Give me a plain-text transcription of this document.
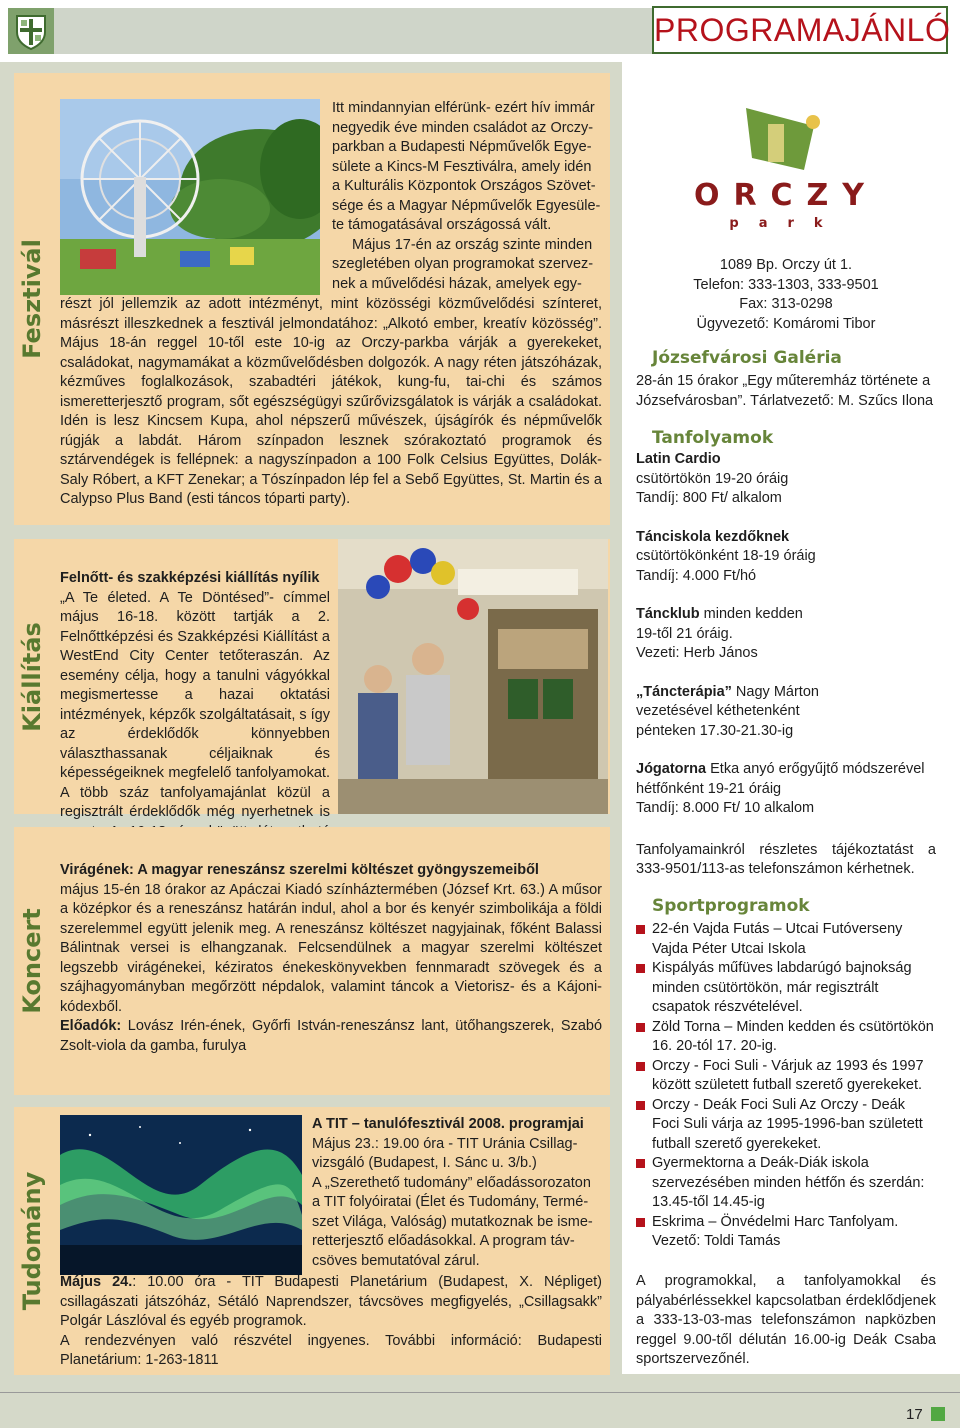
PROGRAMAJÁNLÓ
Fesztivál
Kiállítás
Koncert
Tudomány
Itt mindannyian elférünk- ezért hív immár
negyedik éve minden családot az Orczy-
parkban a Budapesti Népművelők Egye-
sülete a Kincs-M Fesztiválra, amely idén
a Kulturális Központok Országos Szövet-
sége és a Magyar Népművelők Egyesüle-
te támogatásával országossá vált.
Május 17-én az ország szinte minden
szegletében olyan programokat szervez-
nek a művelődési házak, amelyek egy-
részt jól jellemzik az adott intézményt, mint közösségi közművelődési színteret, másrészt illeszkednek a fesztivál jelmondatához: „Alkotó ember, kreatív közösség”. Május 18-án reggel 10-től este 10-ig az Orczy-parkba várják a gyerekeket, családokat, nagymamákat a közművelődésben dolgozók. A nagy réten játszóházak, kézműves foglalkozások, szabadtéri játékok, kung-fu, tai-chi és számos ismeretterjesztő program, sőt egészségügyi szűrővizsgálatok is várják a családokat. Idén is lesz Kincsem Kupa, ahol népszerű művészek, újságírók és népművelők rúgják a labdát. Három színpadon lesznek szórakoztató programok és sztárvendégek is fellépnek: a nagyszínpadon a 100 Folk Celsius Együttes, Dolák-Saly Róbert, a KFT Zenekar; a Tószínpadon lép fel a Sebő Együttes, St. Martin és a Calypso Plus Band (esti táncos tóparti party).
Felnőtt- és szakképzési kiállítás nyílik
„A Te életed. A Te Döntésed”- címmel május 16-18. között tartják a 2. Felnőttképzési és Szakképzési Kiállítást a WestEnd City Center tetőteraszán. Az esemény célja, hogy a tanulni vágyókkal megismertesse a hazai oktatási intézmények, képzők szolgáltatásait, s így az érdeklődők könnyebben választhassanak céljaiknak és képességeiknek megfelelő tanfolyamokat. A több száz tanfolyamajánlat közül a regisztrált érdeklődők még nyerhetnek is
Virágének: A magyar reneszánsz szerelmi költészet gyöngyszemeiből
május 15-én 18 órakor az Apáczai Kiadó színháztermében (József Krt. 63.) A műsor a középkor és a reneszánsz határán indul, ahol a bor és kenyér szimbolikája a földi szerelemmel együtt jelenik meg. A reneszánsz költészet nagyjainak, főként Balassi Bálintnak versei is elhangzanak. Felcsendülnek a magyar szerelmi költészet legszebb virágénekei, kéziratos énekeskönyvekben fennmaradt szövegek és a szájhagyományban megőrzött népdalok, valamint táncok a Vietorisz- és a Kájoni-kódexből.
Előadók: Lovász Irén-ének, Győrfi István-reneszánsz lant, ütőhangszerek, Szabó Zsolt-viola da gamba, furulya
A TIT – tanulófesztivál 2008. programjai
Május 23.: 19.00 óra - TIT Uránia Csillag-
vizsgáló (Budapest, I. Sánc u. 3/b.)
A „Szerethető tudomány” előadássorozaton
a TIT folyóiratai (Élet és Tudomány, Termé-
szet Világa, Valóság) mutatkoznak be isme-
retterjesztő előadásokkal. A program táv-
csöves bemutatóval zárul.
Május 24.: 10.00 óra - TIT Budapesti Planetárium (Budapest, X. Népliget) csillagászati játszóház, Sétáló Naprendszer, távcsöves megfigyelés, „Csillagsakk” Polgár Lászlóval és egyéb programok.
A rendezvényen való részvétel ingyenes. További információ: Budapesti Planetárium: 1-263-1811
ORCZY
park
1089 Bp. Orczy út 1.
Telefon: 333-1303, 333-9501
Fax: 313-0298
Ügyvezető: Komáromi Tibor
Józsefvárosi Galéria
28-án 15 órakor „Egy műteremház története a Józsefvárosban”. Tárlatvezető: M. Szűcs Ilona
Tanfolyamok
Latin Cardio
csütörtökön 19-20 óráig
Tandíj: 800 Ft/ alkalom
Tánciskola kezdőknek
csütörtökönként 18-19 óráig
Tandíj: 4.000 Ft/hó
Tánckl​ub minden kedden
19-től 21 óráig.
Vezeti: Herb János
„Táncterápia” Nagy Márton
vezetésével kéthetenként
pénteken 17.30-21.30-ig
Jógatorna Etka anyó erőgyűjtő módszerével
hétfőnként 19-21 óráig
Tandíj: 8.000 Ft/ 10 alkalom
Tanfolyamainkról részletes tájékoztatást a 333-9501/113-as telefonszámon kérhetnek.
Sportprogramok
22-én Vajda Futás – Utcai Futóverseny Vajda Péter Utcai Iskola
Kispályás műfüves labdarúgó bajnokság minden csütörtökön, már regisztrált csapatok részvételével.
Zöld Torna – Minden kedden és csütörtökön 16. 20-tól 17. 20-ig.
Orczy - Foci Suli - Várjuk az 1993 és 1997 között született futball szerető gyerekeket.
Orczy - Deák Foci Suli Az Orczy - Deák Foci Suli várja az 1995-1996-ban született futball szerető gyerekeket.
Gyermektorna a Deák-Diák iskola szervezésében minden hétfőn és szerdán: 13.45-től 14.45-ig
Eskrima – Önvédelmi Harc Tanfolyam. Vezető: Toldi Tamás
A programokkal, a tanfolyamokkal és pályabérléssekkel kapcsolatban érdeklődjenek a 333-13-03-mas telefonszámon napközben reggel 9.00-től délután 16.00-ig Deák Csaba sportszervezőnél.
17
